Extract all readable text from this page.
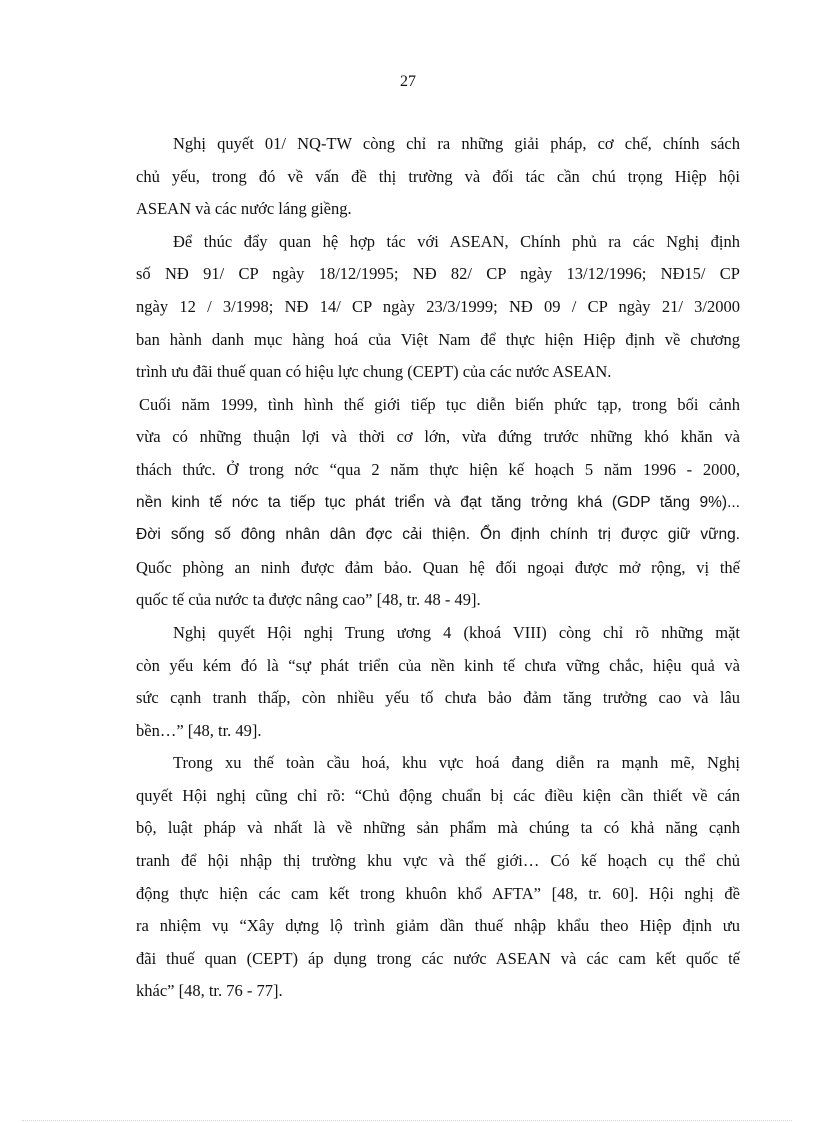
27
Nghị quyết 01/ NQ-TW còng chỉ ra những giải pháp, cơ chế, chính sách
chủ yếu, trong đó về vấn đề thị trường và đối tác cần chú trọng Hiệp hội
ASEAN và các nước láng giềng.
Để thúc đẩy quan hệ hợp tác với ASEAN, Chính phủ ra các Nghị định
số NĐ 91/ CP ngày 18/12/1995; NĐ 82/ CP ngày 13/12/1996; NĐ15/ CP
ngày 12 / 3/1998; NĐ 14/ CP ngày 23/3/1999; NĐ 09 / CP ngày 21/ 3/2000
ban hành danh mục hàng hoá của Việt Nam để thực hiện Hiệp định về chương
trình ưu đãi thuế quan có hiệu lực chung (CEPT) của các nước ASEAN.
Cuối năm 1999, tình hình thế giới tiếp tục diễn biến phức tạp, trong bối cảnh
vừa có những thuận lợi và thời cơ lớn, vừa đứng trước những khó khăn và
thách thức. Ở trong nớc “qua 2 năm thực hiện kế hoạch 5 năm 1996 - 2000,
nền kinh tế nớc ta tiếp tục phát triển và đạt tăng trởng khá (GDP tăng 9%)...
Đời sống số đông nhân dân đợc cải thiện. Ổn định chính trị được giữ vững.
Quốc phòng an ninh được đảm bảo. Quan hệ đối ngoại được mở rộng, vị thế
quốc tế của nước ta được nâng cao” [48, tr. 48 - 49].
Nghị quyết Hội nghị Trung ương 4 (khoá VIII) còng chỉ rõ những mặt
còn yếu kém đó là “sự phát triển của nền kinh tế chưa vững chắc, hiệu quả và
sức cạnh tranh thấp, còn nhiều yếu tố chưa bảo đảm tăng trưởng cao và lâu
bền…” [48, tr. 49].
Trong xu thế toàn cầu hoá, khu vực hoá đang diễn ra mạnh mẽ, Nghị
quyết Hội nghị cũng chỉ rõ: “Chủ động chuẩn bị các điều kiện cần thiết về cán
bộ, luật pháp và nhất là về những sản phẩm mà chúng ta có khả năng cạnh
tranh để hội nhập thị trường khu vực và thế giới… Có kế hoạch cụ thể chủ
động thực hiện các cam kết trong khuôn khổ AFTA” [48, tr. 60]. Hội nghị đề
ra nhiệm vụ “Xây dựng lộ trình giảm dần thuế nhập khẩu theo Hiệp định ưu
đãi thuế quan (CEPT) áp dụng trong các nước ASEAN và các cam kết quốc tế
khác” [48, tr. 76 - 77].
